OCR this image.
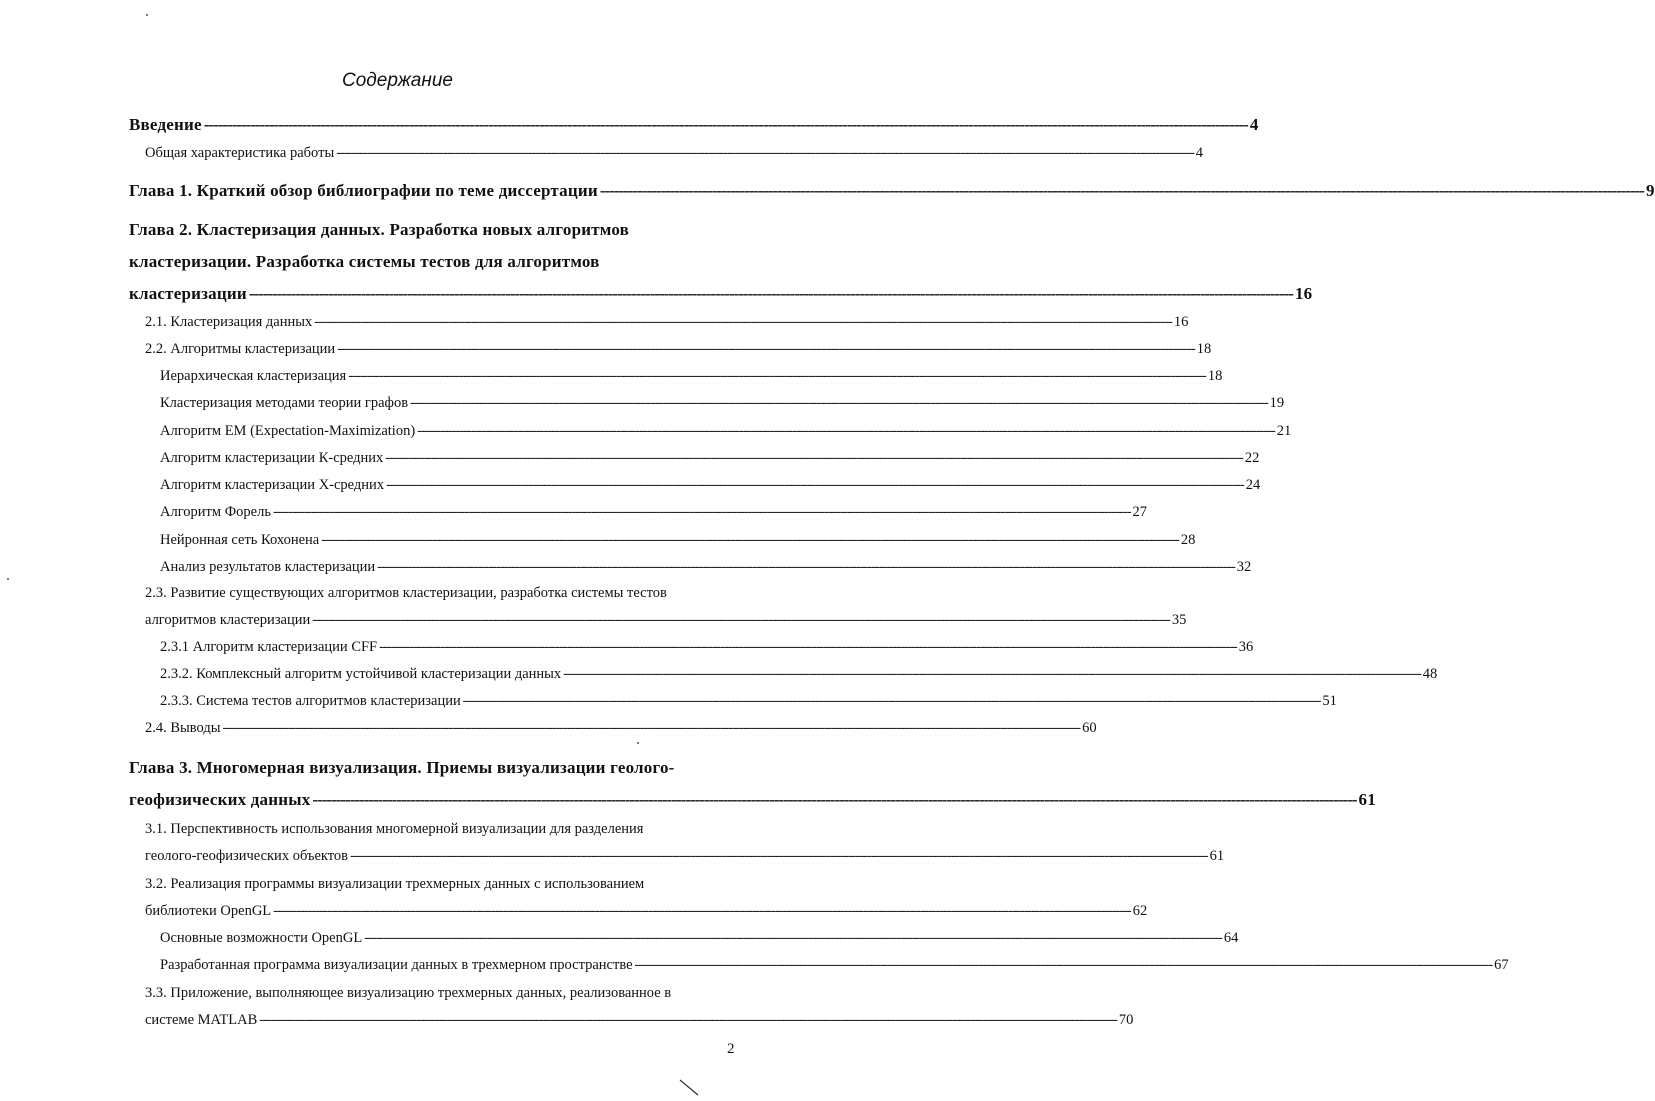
Содержание
Введение -------------------------------------------------------------------------------------------------------------------------------------------------------------------------------------------------------------------------------- 4
Общая характеристика работы -------------------------------------------------------------------------------------------------------------------------------------------------------------------------------------------------------------------------------- 4
Глава 1. Краткий обзор библиографии по теме диссертации -------------------------------------------------------------------------------------------------------------------------------------------------------------------------------------------------------------------------------- 9
Глава 2. Кластеризация данных. Разработка новых алгоритмов
кластеризации. Разработка системы тестов для алгоритмов
кластеризации -------------------------------------------------------------------------------------------------------------------------------------------------------------------------------------------------------------------------------- 16
2.1. Кластеризация данных -------------------------------------------------------------------------------------------------------------------------------------------------------------------------------------------------------------------------------- 16
2.2. Алгоритмы кластеризации -------------------------------------------------------------------------------------------------------------------------------------------------------------------------------------------------------------------------------- 18
Иерархическая кластеризация -------------------------------------------------------------------------------------------------------------------------------------------------------------------------------------------------------------------------------- 18
Кластеризация методами теории графов -------------------------------------------------------------------------------------------------------------------------------------------------------------------------------------------------------------------------------- 19
Алгоритм EM (Expectation-Maximization) -------------------------------------------------------------------------------------------------------------------------------------------------------------------------------------------------------------------------------- 21
Алгоритм кластеризации К-средних -------------------------------------------------------------------------------------------------------------------------------------------------------------------------------------------------------------------------------- 22
Алгоритм кластеризации Х-средних -------------------------------------------------------------------------------------------------------------------------------------------------------------------------------------------------------------------------------- 24
Алгоритм Форель -------------------------------------------------------------------------------------------------------------------------------------------------------------------------------------------------------------------------------- 27
Нейронная сеть Кохонена -------------------------------------------------------------------------------------------------------------------------------------------------------------------------------------------------------------------------------- 28
Анализ результатов кластеризации -------------------------------------------------------------------------------------------------------------------------------------------------------------------------------------------------------------------------------- 32
2.3. Развитие существующих алгоритмов кластеризации, разработка системы тестов
алгоритмов кластеризации -------------------------------------------------------------------------------------------------------------------------------------------------------------------------------------------------------------------------------- 35
2.3.1 Алгоритм кластеризации CFF -------------------------------------------------------------------------------------------------------------------------------------------------------------------------------------------------------------------------------- 36
2.3.2. Комплексный алгоритм устойчивой кластеризации данных -------------------------------------------------------------------------------------------------------------------------------------------------------------------------------------------------------------------------------- 48
2.3.3. Система тестов алгоритмов кластеризации -------------------------------------------------------------------------------------------------------------------------------------------------------------------------------------------------------------------------------- 51
2.4. Выводы -------------------------------------------------------------------------------------------------------------------------------------------------------------------------------------------------------------------------------- 60
Глава 3. Многомерная визуализация. Приемы визуализации геолого-
геофизических данных -------------------------------------------------------------------------------------------------------------------------------------------------------------------------------------------------------------------------------- 61
3.1. Перспективность использования многомерной визуализации для разделения
геолого-геофизических объектов -------------------------------------------------------------------------------------------------------------------------------------------------------------------------------------------------------------------------------- 61
3.2. Реализация программы визуализации трехмерных данных с использованием
библиотеки OpenGL -------------------------------------------------------------------------------------------------------------------------------------------------------------------------------------------------------------------------------- 62
Основные возможности OpenGL -------------------------------------------------------------------------------------------------------------------------------------------------------------------------------------------------------------------------------- 64
Разработанная программа визуализации данных в трехмерном пространстве -------------------------------------------------------------------------------------------------------------------------------------------------------------------------------------------------------------------------------- 67
3.3. Приложение, выполняющее визуализацию трехмерных данных, реализованное в
системе MATLAB -------------------------------------------------------------------------------------------------------------------------------------------------------------------------------------------------------------------------------- 70
2
